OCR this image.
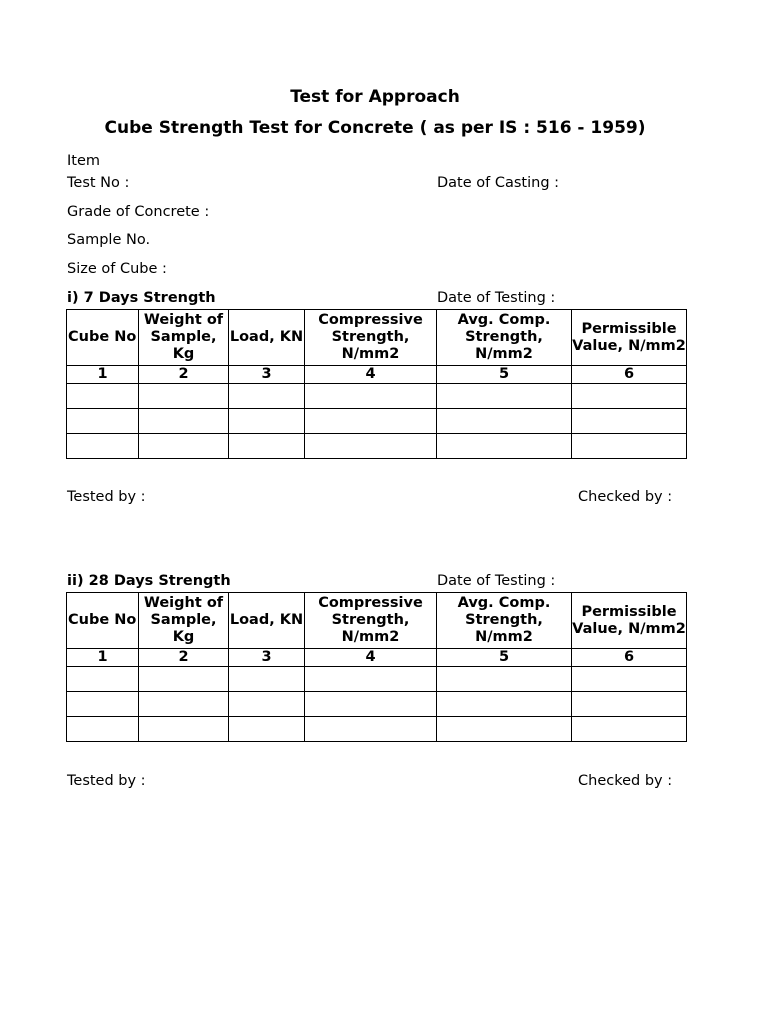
Test for Approach
Cube Strength Test for Concrete ( as per IS : 516 - 1959)
Item
Test No :	Date of Casting :
Grade of Concrete :
Sample No.
Size of Cube :
i) 7 Days Strength	Date of Testing :
Cube No	Weight of Sample, Kg	Load, KN	Compressive Strength, N/mm2	Avg. Comp. Strength, N/mm2	Permissible Value, N/mm2
1	2	3	4	5	6

Tested by :	Checked by :
ii) 28 Days Strength	Date of Testing :
Cube No	Weight of Sample, Kg	Load, KN	Compressive Strength, N/mm2	Avg. Comp. Strength, N/mm2	Permissible Value, N/mm2
1	2	3	4	5	6

Tested by :	Checked by :
